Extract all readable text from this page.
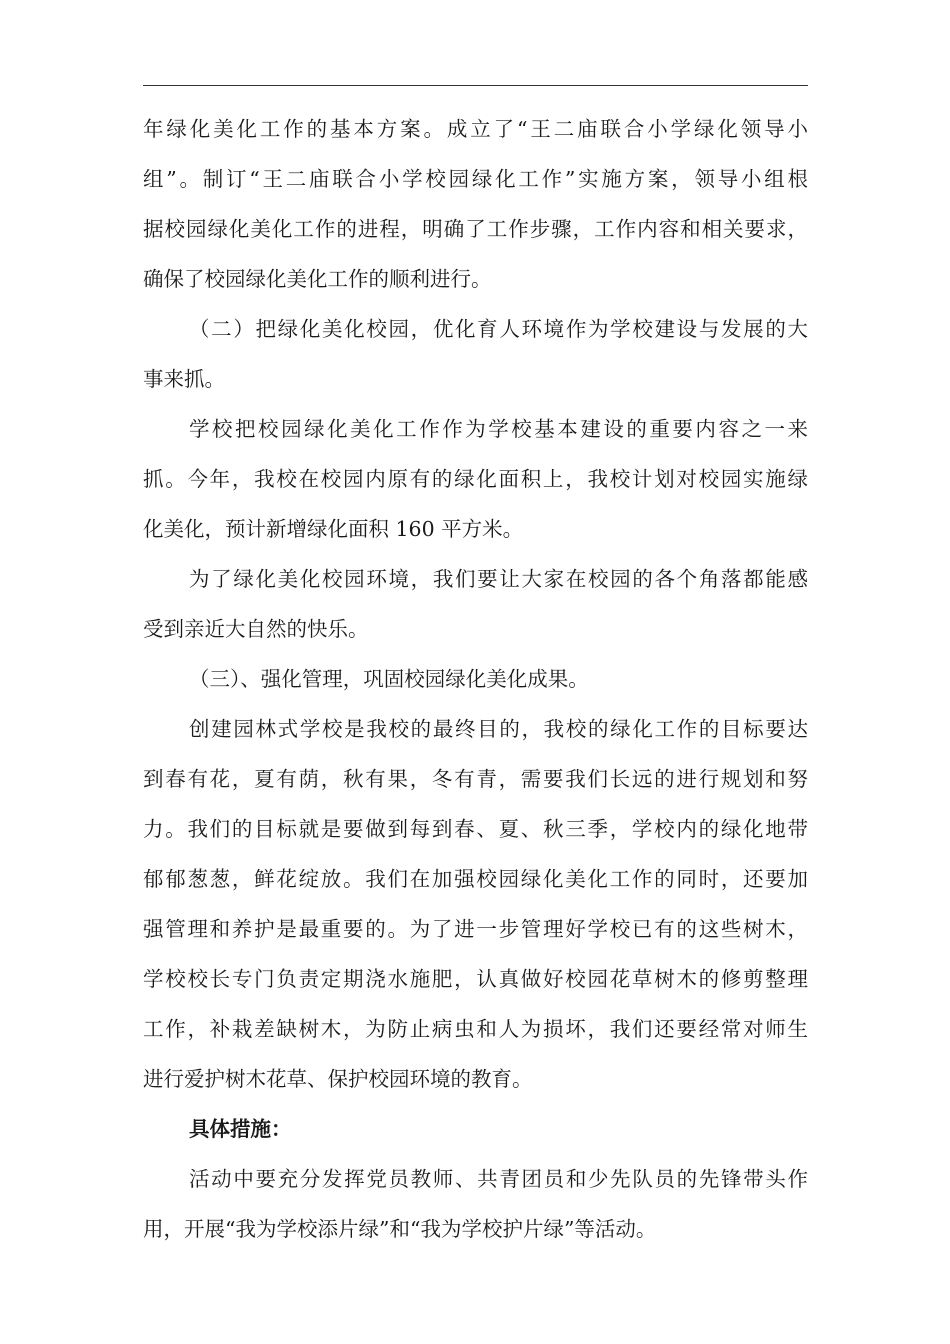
年绿化美化工作的基本方案。成立了“王二庙联合小学绿化领导小
组”。制订“王二庙联合小学校园绿化工作”实施方案，领导小组根
据校园绿化美化工作的进程，明确了工作步骤，工作内容和相关要求，
确保了校园绿化美化工作的顺利进行。
（二）把绿化美化校园，优化育人环境作为学校建设与发展的大
事来抓。
学校把校园绿化美化工作作为学校基本建设的重要内容之一来
抓。今年，我校在校园内原有的绿化面积上，我校计划对校园实施绿
化美化，预计新增绿化面积 160 平方米。
为了绿化美化校园环境，我们要让大家在校园的各个角落都能感
受到亲近大自然的快乐。
（三）、强化管理，巩固校园绿化美化成果。
创建园林式学校是我校的最终目的，我校的绿化工作的目标要达
到春有花，夏有荫，秋有果，冬有青，需要我们长远的进行规划和努
力。我们的目标就是要做到每到春、夏、秋三季，学校内的绿化地带
郁郁葱葱，鲜花绽放。我们在加强校园绿化美化工作的同时，还要加
强管理和养护是最重要的。为了进一步管理好学校已有的这些树木，
学校校长专门负责定期浇水施肥，认真做好校园花草树木的修剪整理
工作，补栽差缺树木，为防止病虫和人为损坏，我们还要经常对师生
进行爱护树木花草、保护校园环境的教育。
具体措施：
活动中要充分发挥党员教师、共青团员和少先队员的先锋带头作
用，开展“我为学校添片绿”和“我为学校护片绿”等活动。
